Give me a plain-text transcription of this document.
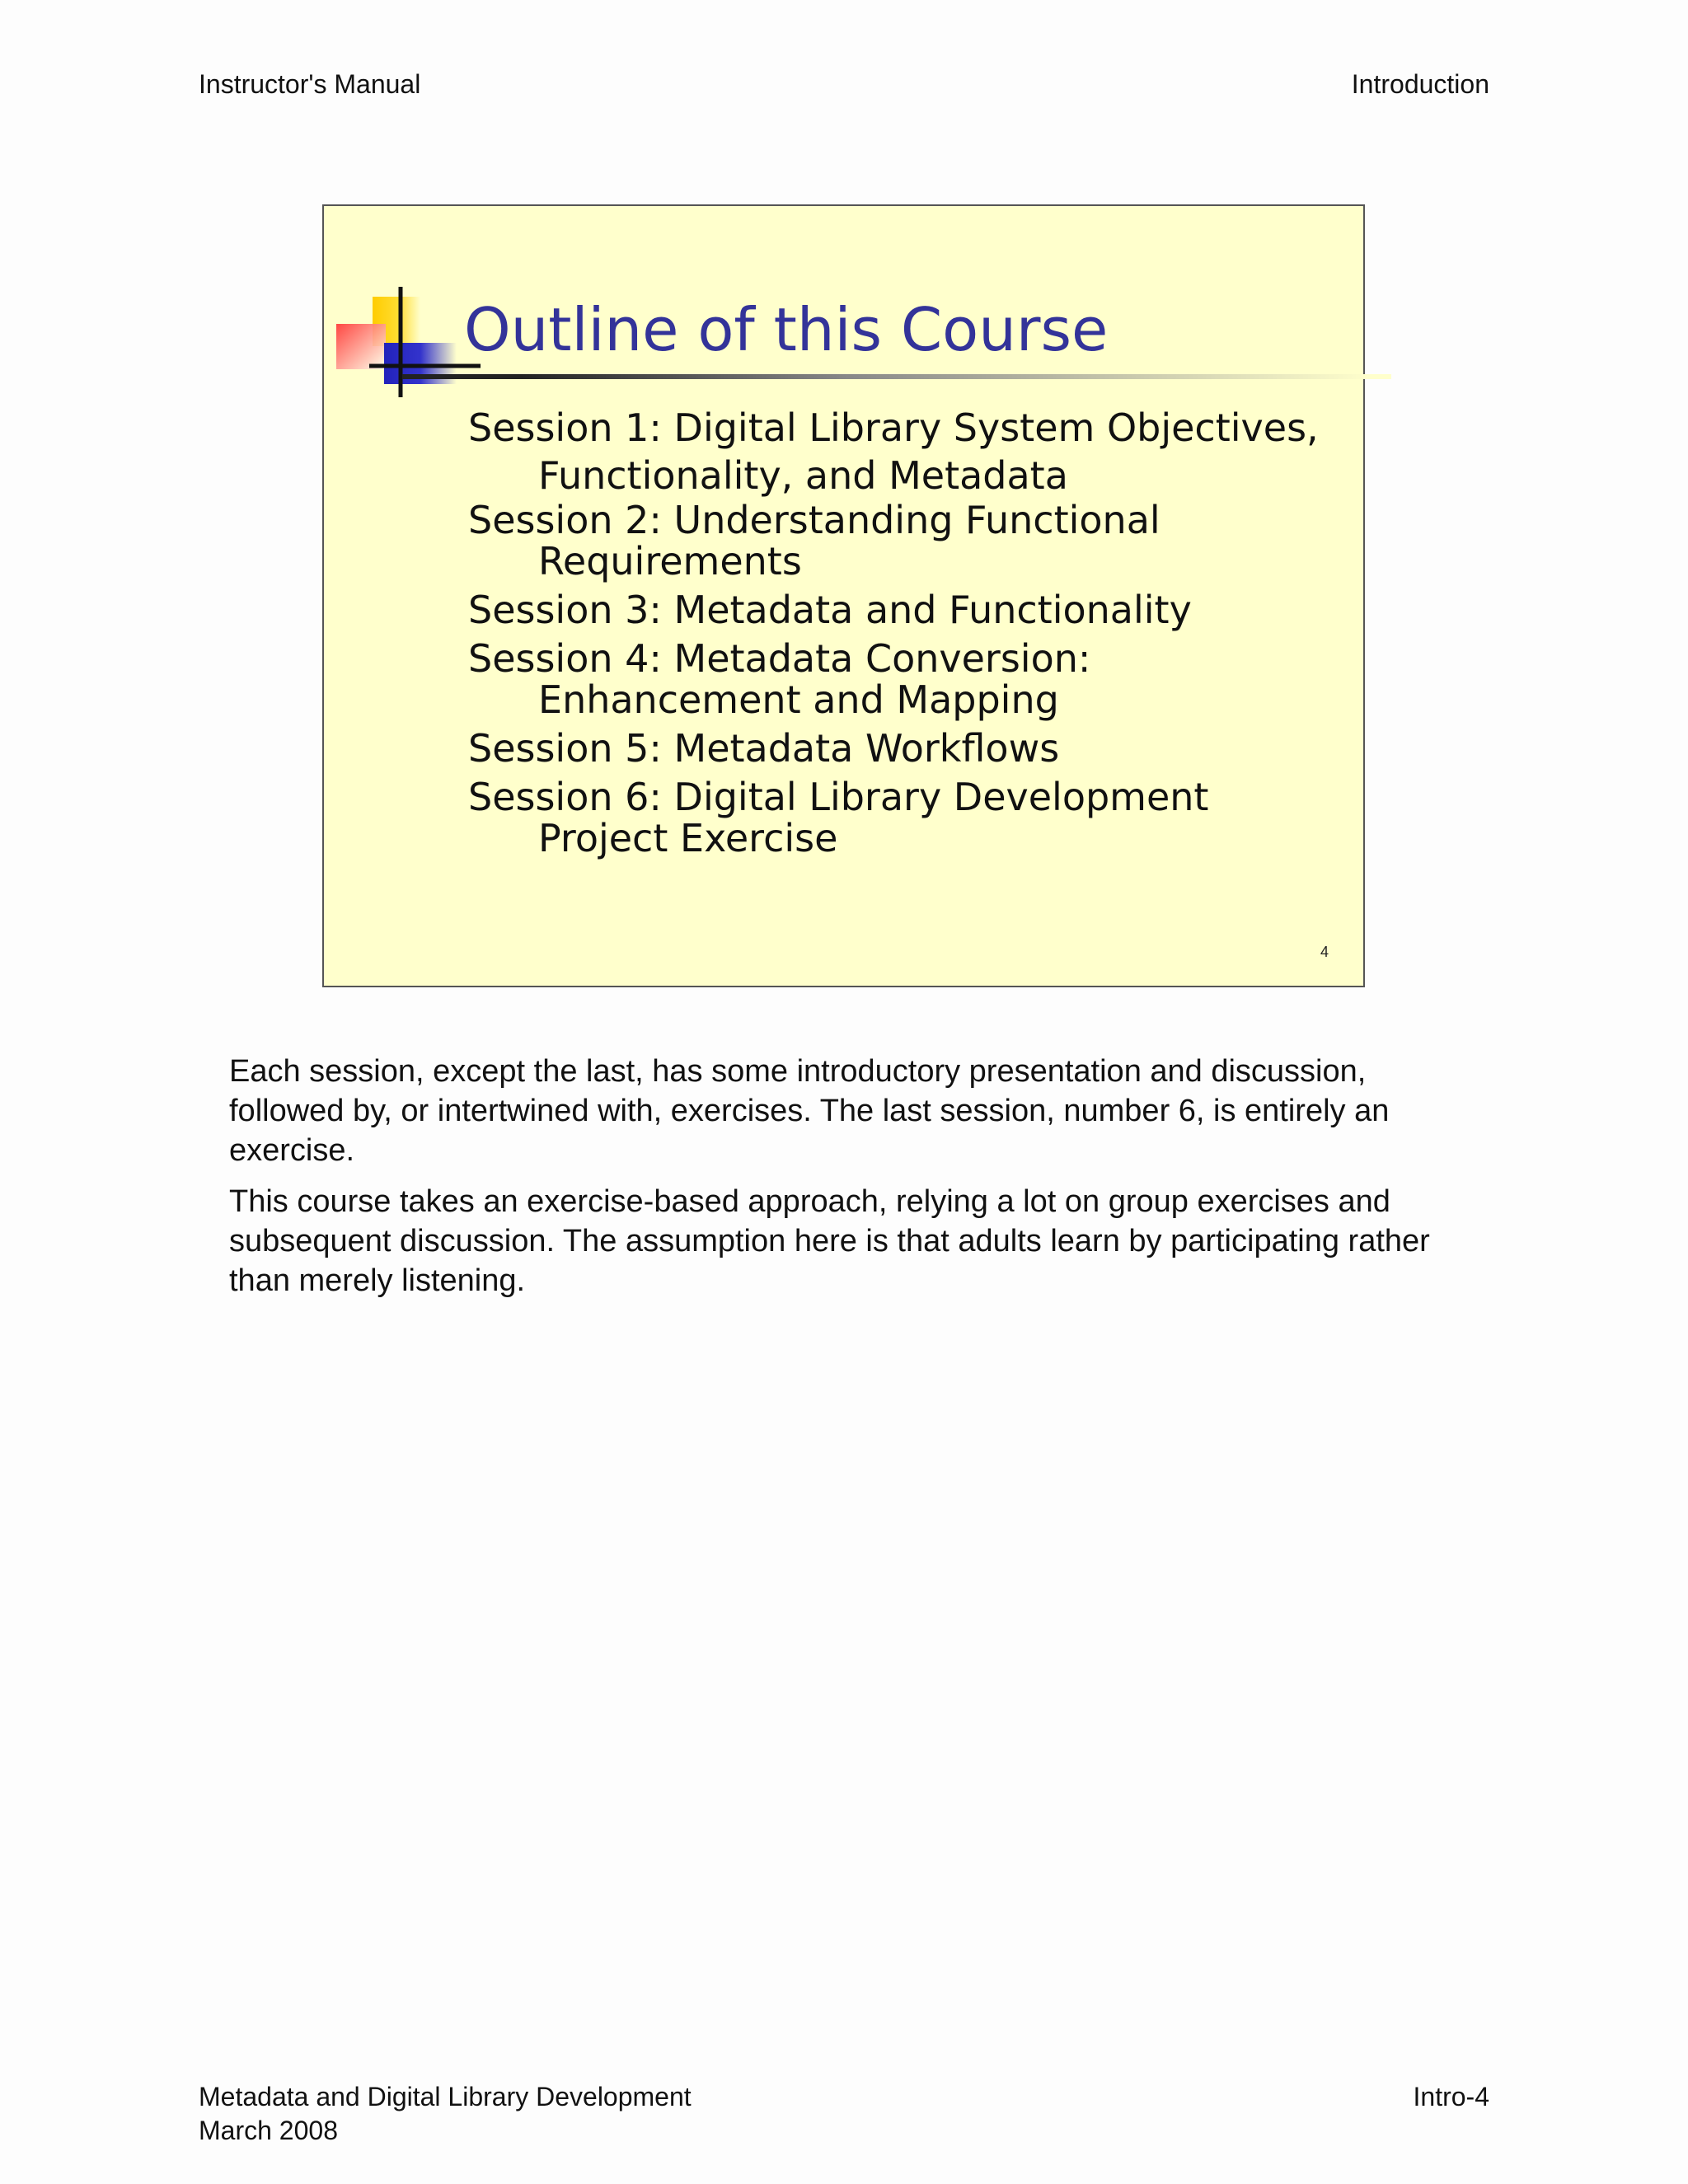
Instructor's Manual	Introduction
Outline of this Course
Session 1: Digital Library System Objectives, Functionality, and Metadata
Session 2: Understanding Functional Requirements
Session 3: Metadata and Functionality
Session 4: Metadata Conversion: Enhancement and Mapping
Session 5: Metadata Workflows
Session 6: Digital Library Development Project Exercise
4

Each session, except the last, has some introductory presentation and discussion, followed by, or intertwined with, exercises. The last session, number 6, is entirely an exercise.

This course takes an exercise-based approach, relying a lot on group exercises and subsequent discussion. The assumption here is that adults learn by participating rather than merely listening.

Metadata and Digital Library Development
March 2008
Intro-4
